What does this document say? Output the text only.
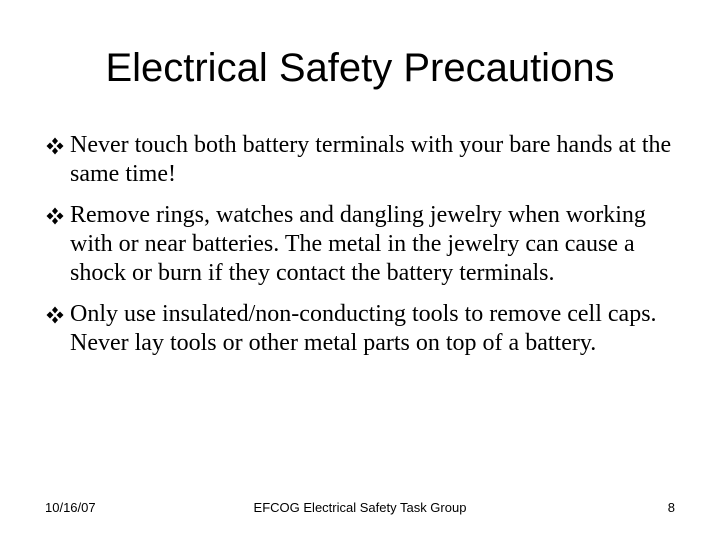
Electrical Safety Precautions
Never touch both battery terminals with your bare hands at the same time!
Remove rings, watches and dangling jewelry when working with or near batteries. The metal in the jewelry can cause a shock or burn if they contact the battery terminals.
Only use insulated/non-conducting tools to remove cell caps. Never lay tools or other metal parts on top of a battery.
10/16/07	EFCOG Electrical Safety Task Group	8
